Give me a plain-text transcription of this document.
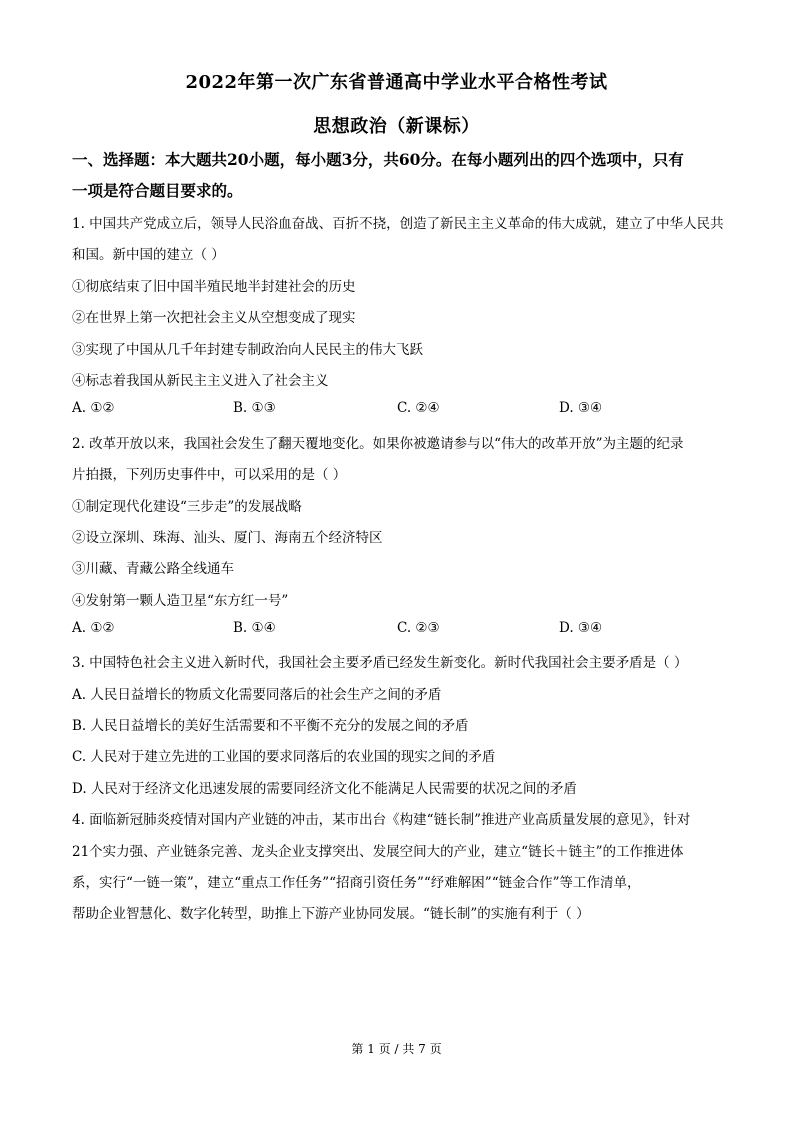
2022年第一次广东省普通高中学业水平合格性考试
思想政治（新课标）
一、选择题：本大题共20小题，每小题3分，共60分。在每小题列出的四个选项中，只有
一项是符合题目要求的。
1. 中国共产党成立后，领导人民浴血奋战、百折不挠，创造了新民主主义革命的伟大成就，建立了中华人民共
和国。新中国的建立（ ）
①彻底结束了旧中国半殖民地半封建社会的历史
②在世界上第一次把社会主义从空想变成了现实
③实现了中国从几千年封建专制政治向人民民主的伟大飞跃
④标志着我国从新民主主义进入了社会主义
A. ①②	B. ①③	C. ②④	D. ③④
2. 改革开放以来，我国社会发生了翻天覆地变化。如果你被邀请参与以“伟大的改革开放”为主题的纪录
片拍摄，下列历史事件中，可以采用的是（ ）
①制定现代化建设“三步走”的发展战略
②设立深圳、珠海、汕头、厦门、海南五个经济特区
③川藏、青藏公路全线通车
④发射第一颗人造卫星“东方红一号”
A. ①②	B. ①④	C. ②③	D. ③④
3. 中国特色社会主义进入新时代，我国社会主要矛盾已经发生新变化。新时代我国社会主要矛盾是（ ）
A. 人民日益增长的物质文化需要同落后的社会生产之间的矛盾
B. 人民日益增长的美好生活需要和不平衡不充分的发展之间的矛盾
C. 人民对于建立先进的工业国的要求同落后的农业国的现实之间的矛盾
D. 人民对于经济文化迅速发展的需要同经济文化不能满足人民需要的状况之间的矛盾
4. 面临新冠肺炎疫情对国内产业链的冲击，某市出台《构建“链长制”推进产业高质量发展的意见》，针对
21个实力强、产业链条完善、龙头企业支撑突出、发展空间大的产业，建立“链长＋链主”的工作推进体
系，实行“一链一策”，建立“重点工作任务”“招商引资任务”“纾难解困”“链金合作”等工作清单，
帮助企业智慧化、数字化转型，助推上下游产业协同发展。“链长制”的实施有利于（ ）
第 1 页 / 共 7 页
